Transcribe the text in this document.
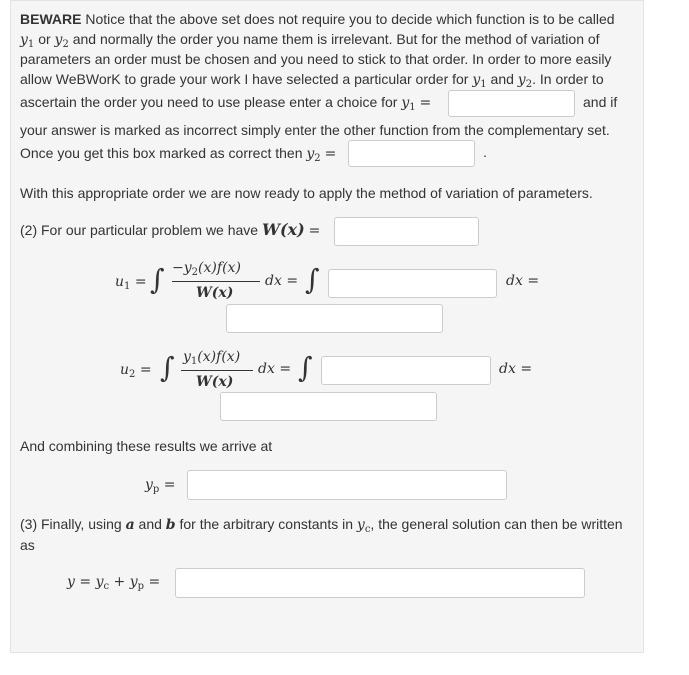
BEWARE Notice that the above set does not require you to decide which function is to be called
$y_1$ or $y_2$ and normally the order you name them is irrelevant. But for the method of variation of
parameters an order must be chosen and you need to stick to that order. In order to more easily
allow WeBWorK to grade your work I have selected a particular order for $y_1$ and $y_2$. In order to
ascertain the order you need to use please enter a choice for $y_1$ =	and if
your answer is marked as incorrect simply enter the other function from the complementary set.
Once you get this box marked as correct then $y_2$ =	.
With this appropriate order we are now ready to apply the method of variation of parameters.
(2) For our particular problem we have W(x) =
$u_1$ = ∫ $-y_2(x)f(x)$
W(x)
dx = ∫	dx =
$u_2$ = ∫ $y_1(x)f(x)$
W(x)
dx = ∫	dx =
And combining these results we arrive at
$y_p$ =
(3) Finally, using a and b for the arbitrary constants in $y_c$, the general solution can then be written
as
$y = y_c + y_p$ =
